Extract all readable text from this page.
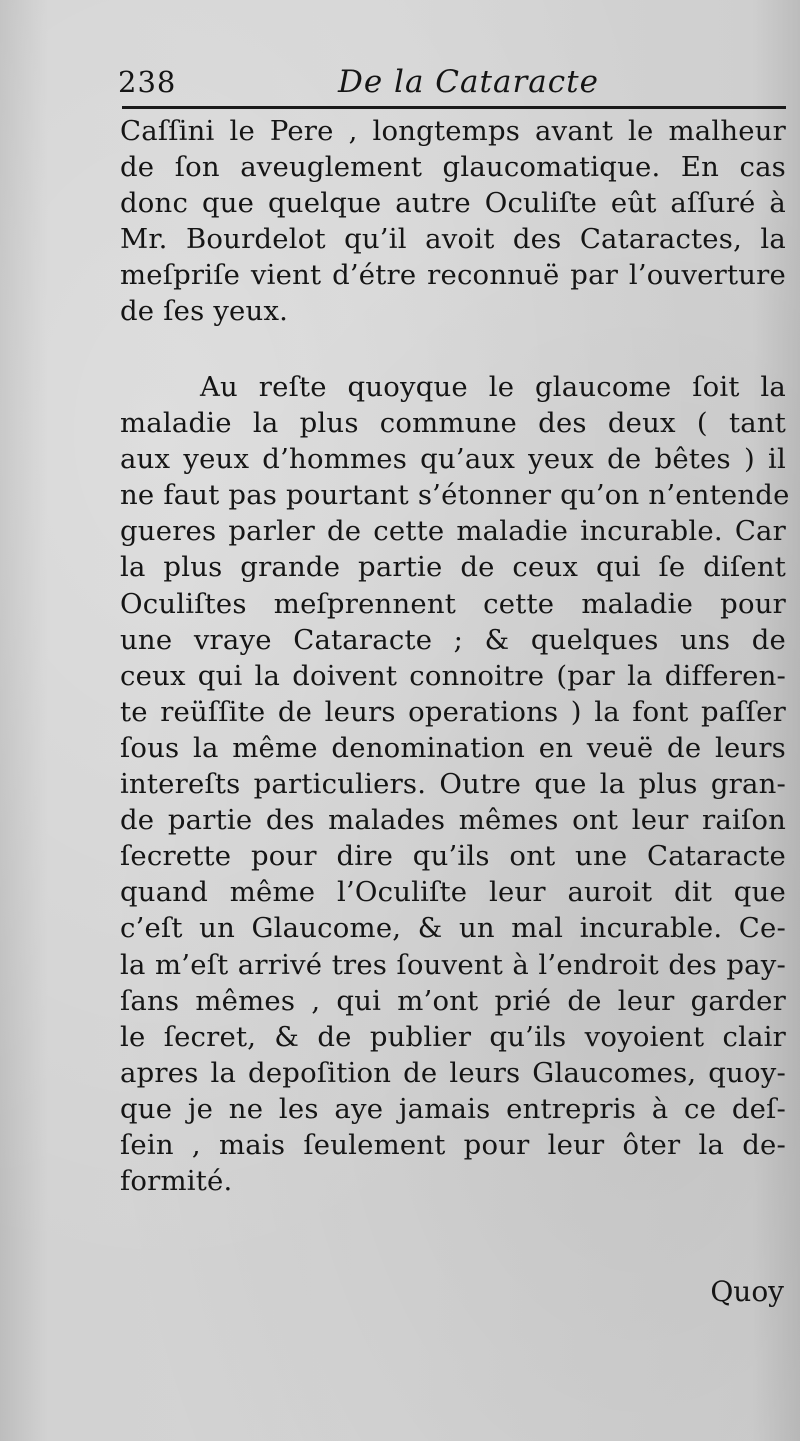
238	De la Cataracte
Caſſini le Pere , longtemps avant le malheur
de ſon aveuglement glaucomatique. En cas
donc que quelque autre Oculiſte eût aſſuré à
Mr. Bourdelot qu’il avoit des Cataractes, la
meſpriſe vient d’étre reconnuë par l’ouverture
de ſes yeux.
Au reſte quoyque le glaucome ſoit la
maladie la plus commune des deux ( tant
aux yeux d’hommes qu’aux yeux de bêtes ) il
ne faut pas pourtant s’étonner qu’on n’entende
gueres parler de cette maladie incurable. Car
la plus grande partie de ceux qui ſe diſent
Oculiſtes meſprennent cette maladie pour
une vraye Cataracte ; & quelques uns de
ceux qui la doivent connoitre (par la differen-
te reüſſite de leurs operations ) la font paſſer
ſous la même denomination en veuë de leurs
intereſts particuliers. Outre que la plus gran-
de partie des malades mêmes ont leur raiſon
ſecrette pour dire qu’ils ont une Cataracte
quand même l’Oculiſte leur auroit dit que
c’eſt un Glaucome, & un mal incurable. Ce-
la m’eſt arrivé tres ſouvent à l’endroit des pay-
ſans mêmes , qui m’ont prié de leur garder
le ſecret, & de publier qu’ils voyoient clair
apres la depoſition de leurs Glaucomes, quoy-
que je ne les aye jamais entrepris à ce deſ-
ſein , mais ſeulement pour leur ôter la de-
formité.
Quoy
